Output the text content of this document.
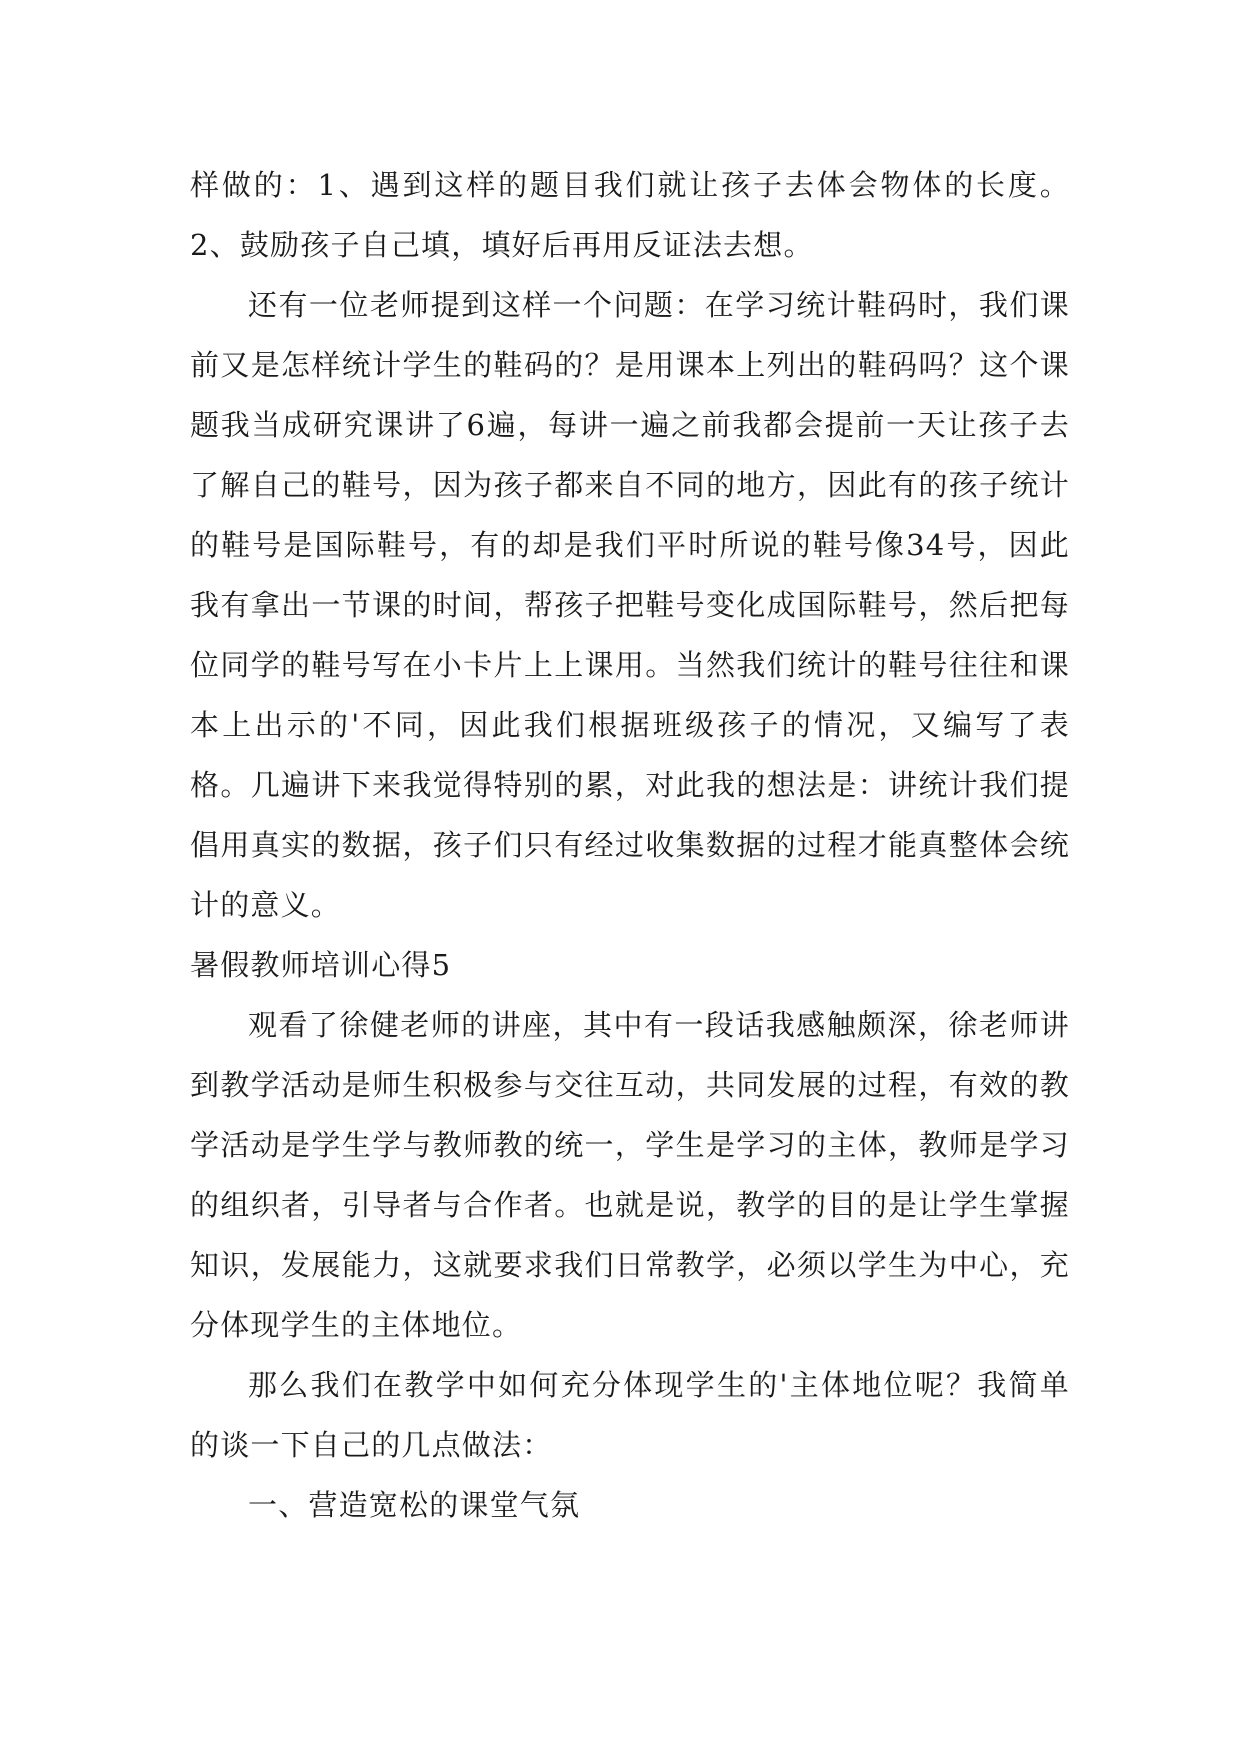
样做的：1、遇到这样的题目我们就让孩子去体会物体的长度。2、鼓励孩子自己填，填好后再用反证法去想。

还有一位老师提到这样一个问题：在学习统计鞋码时，我们课前又是怎样统计学生的鞋码的？是用课本上列出的鞋码吗？这个课题我当成研究课讲了6遍，每讲一遍之前我都会提前一天让孩子去了解自己的鞋号，因为孩子都来自不同的地方，因此有的孩子统计的鞋号是国际鞋号，有的却是我们平时所说的鞋号像34号，因此我有拿出一节课的时间，帮孩子把鞋号变化成国际鞋号，然后把每位同学的鞋号写在小卡片上上课用。当然我们统计的鞋号往往和课本上出示的'不同，因此我们根据班级孩子的情况，又编写了表格。几遍讲下来我觉得特别的累，对此我的想法是：讲统计我们提倡用真实的数据，孩子们只有经过收集数据的过程才能真整体会统计的意义。

暑假教师培训心得5

观看了徐健老师的讲座，其中有一段话我感触颇深，徐老师讲到教学活动是师生积极参与交往互动，共同发展的过程，有效的教学活动是学生学与教师教的统一，学生是学习的主体，教师是学习的组织者，引导者与合作者。也就是说，教学的目的是让学生掌握知识，发展能力，这就要求我们日常教学，必须以学生为中心，充分体现学生的主体地位。

那么我们在教学中如何充分体现学生的'主体地位呢？我简单的谈一下自己的几点做法：

一、营造宽松的课堂气氛
